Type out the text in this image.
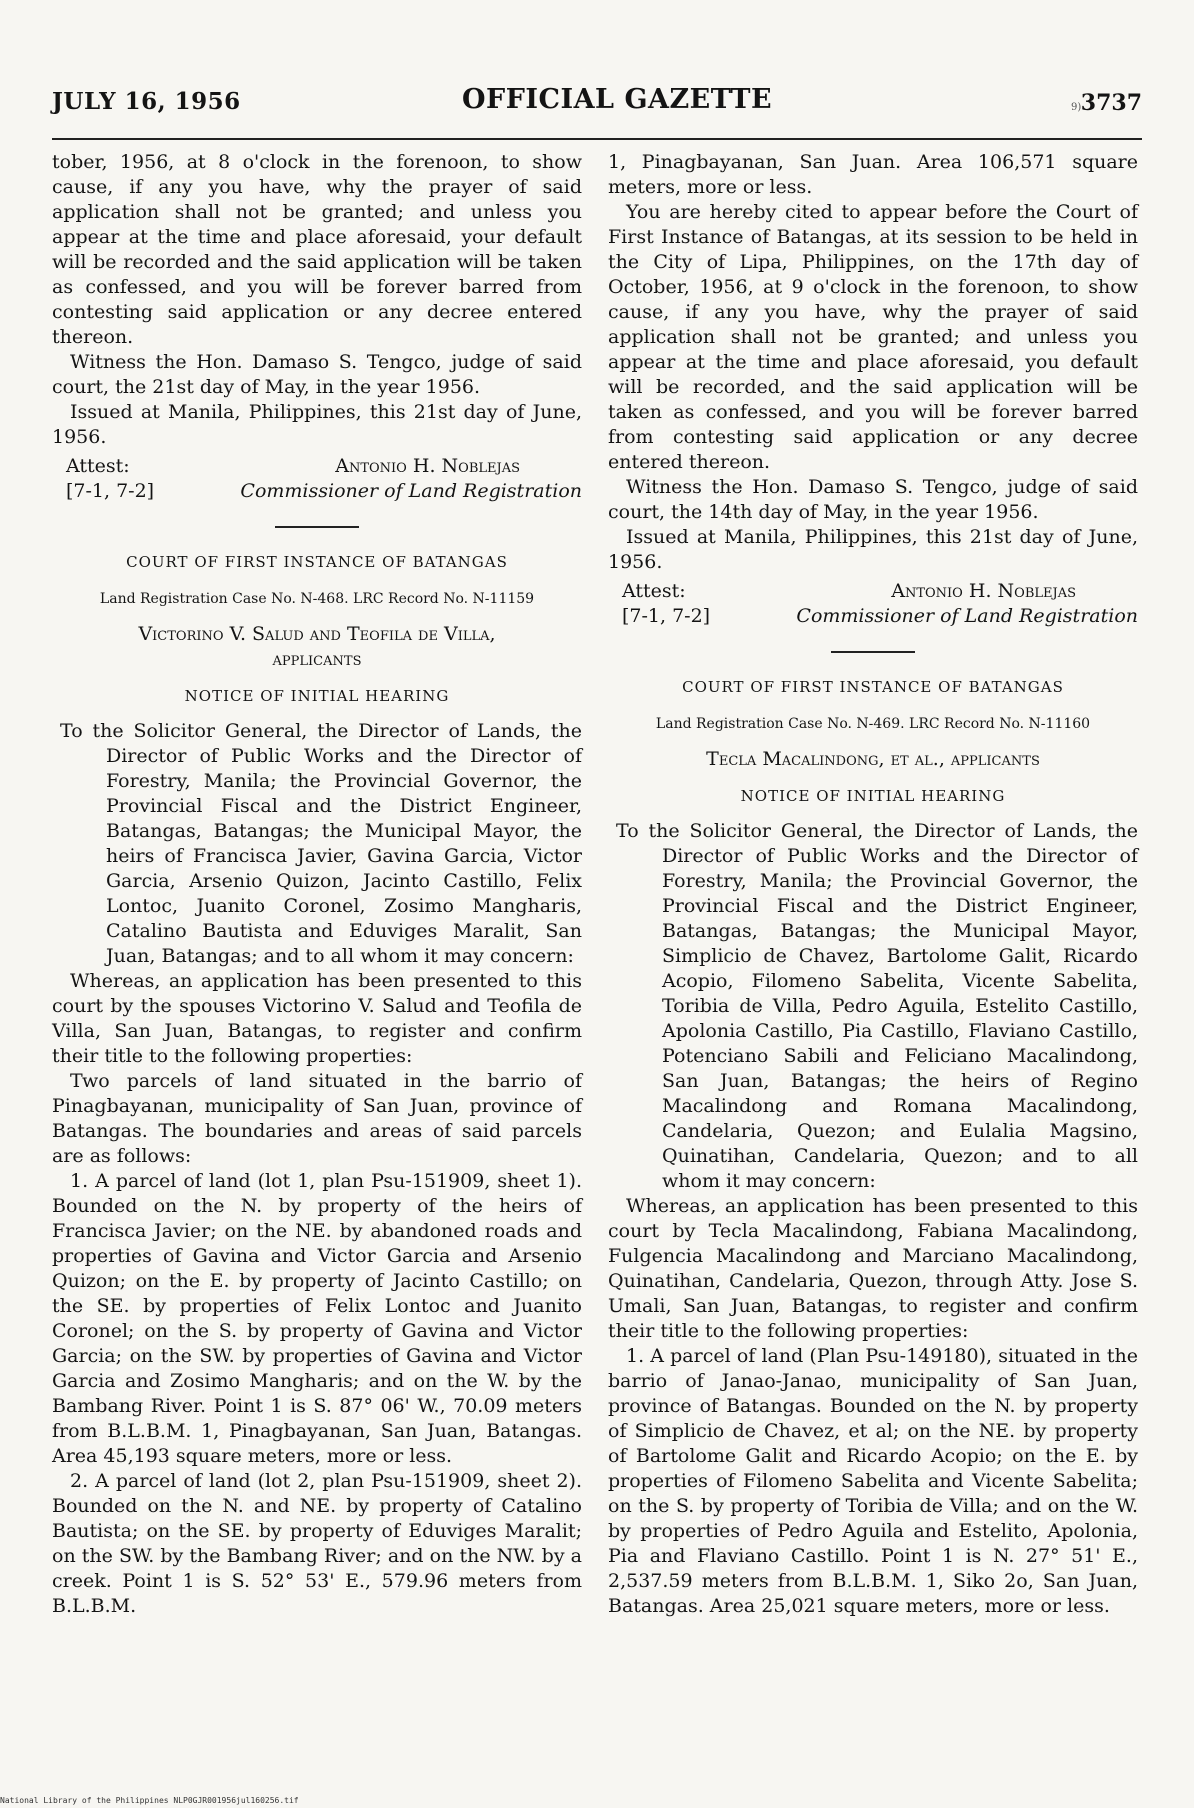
JULY 16, 1956	OFFICIAL GAZETTE	9) 3737

tober, 1956, at 8 o'clock in the forenoon, to show cause, if any you have, why the prayer of said application shall not be granted; and unless you appear at the time and place aforesaid, your default will be recorded and the said application will be taken as confessed, and you will be forever barred from contesting said application or any decree entered thereon.

Witness the Hon. Damaso S. Tengco, judge of said court, the 21st day of May, in the year 1956.

Issued at Manila, Philippines, this 21st day of June, 1956.

Attest:	Antonio H. Noblejas
[7-1, 7-2]	Commissioner of Land Registration
COURT OF FIRST INSTANCE OF BATANGAS
Land Registration Case No. N-468. LRC Record No. N-11159
Victorino V. Salud and Teofila de Villa,
applicants
NOTICE OF INITIAL HEARING

To the Solicitor General, the Director of Lands, the Director of Public Works and the Director of Forestry, Manila; the Provincial Governor, the Provincial Fiscal and the District Engineer, Batangas, Batangas; the Municipal Mayor, the heirs of Francisca Javier, Gavina Garcia, Victor Garcia, Arsenio Quizon, Jacinto Castillo, Felix Lontoc, Juanito Coronel, Zosimo Mangharis, Catalino Bautista and Eduviges Maralit, San Juan, Batangas; and to all whom it may concern:

Whereas, an application has been presented to this court by the spouses Victorino V. Salud and Teofila de Villa, San Juan, Batangas, to register and confirm their title to the following properties:

Two parcels of land situated in the barrio of Pinagbayanan, municipality of San Juan, province of Batangas. The boundaries and areas of said parcels are as follows:

1. A parcel of land (lot 1, plan Psu-151909, sheet 1). Bounded on the N. by property of the heirs of Francisca Javier; on the NE. by abandoned roads and properties of Gavina and Victor Garcia and Arsenio Quizon; on the E. by property of Jacinto Castillo; on the SE. by properties of Felix Lontoc and Juanito Coronel; on the S. by property of Gavina and Victor Garcia; on the SW. by properties of Gavina and Victor Garcia and Zosimo Mangharis; and on the W. by the Bambang River. Point 1 is S. 87° 06' W., 70.09 meters from B.L.B.M. 1, Pinagbayanan, San Juan, Batangas. Area 45,193 square meters, more or less.

2. A parcel of land (lot 2, plan Psu-151909, sheet 2). Bounded on the N. and NE. by property of Catalino Bautista; on the SE. by property of Eduviges Maralit; on the SW. by the Bambang River; and on the NW. by a creek. Point 1 is S. 52° 53' E., 579.96 meters from B.L.B.M.

1, Pinagbayanan, San Juan. Area 106,571 square meters, more or less.

You are hereby cited to appear before the Court of First Instance of Batangas, at its session to be held in the City of Lipa, Philippines, on the 17th day of October, 1956, at 9 o'clock in the forenoon, to show cause, if any you have, why the prayer of said application shall not be granted; and unless you appear at the time and place aforesaid, you default will be recorded, and the said application will be taken as confessed, and you will be forever barred from contesting said application or any decree entered thereon.

Witness the Hon. Damaso S. Tengco, judge of said court, the 14th day of May, in the year 1956.

Issued at Manila, Philippines, this 21st day of June, 1956.

Attest:	Antonio H. Noblejas
[7-1, 7-2]	Commissioner of Land Registration
COURT OF FIRST INSTANCE OF BATANGAS
Land Registration Case No. N-469. LRC Record No. N-11160
Tecla Macalindong, et al., applicants
NOTICE OF INITIAL HEARING

To the Solicitor General, the Director of Lands, the Director of Public Works and the Director of Forestry, Manila; the Provincial Governor, the Provincial Fiscal and the District Engineer, Batangas, Batangas; the Municipal Mayor, Simplicio de Chavez, Bartolome Galit, Ricardo Acopio, Filomeno Sabelita, Vicente Sabelita, Toribia de Villa, Pedro Aguila, Estelito Castillo, Apolonia Castillo, Pia Castillo, Flaviano Castillo, Potenciano Sabili and Feliciano Macalindong, San Juan, Batangas; the heirs of Regino Macalindong and Romana Macalindong, Candelaria, Quezon; and Eulalia Magsino, Quinatihan, Candelaria, Quezon; and to all whom it may concern:

Whereas, an application has been presented to this court by Tecla Macalindong, Fabiana Macalindong, Fulgencia Macalindong and Marciano Macalindong, Quinatihan, Candelaria, Quezon, through Atty. Jose S. Umali, San Juan, Batangas, to register and confirm their title to the following properties:

1. A parcel of land (Plan Psu-149180), situated in the barrio of Janao-Janao, municipality of San Juan, province of Batangas. Bounded on the N. by property of Simplicio de Chavez, et al; on the NE. by property of Bartolome Galit and Ricardo Acopio; on the E. by properties of Filomeno Sabelita and Vicente Sabelita; on the S. by property of Toribia de Villa; and on the W. by properties of Pedro Aguila and Estelito, Apolonia, Pia and Flaviano Castillo. Point 1 is N. 27° 51' E., 2,537.59 meters from B.L.B.M. 1, Siko 2o, San Juan, Batangas. Area 25,021 square meters, more or less.

National Library of the Philippines NLP0GJR001956jul160256.tif
